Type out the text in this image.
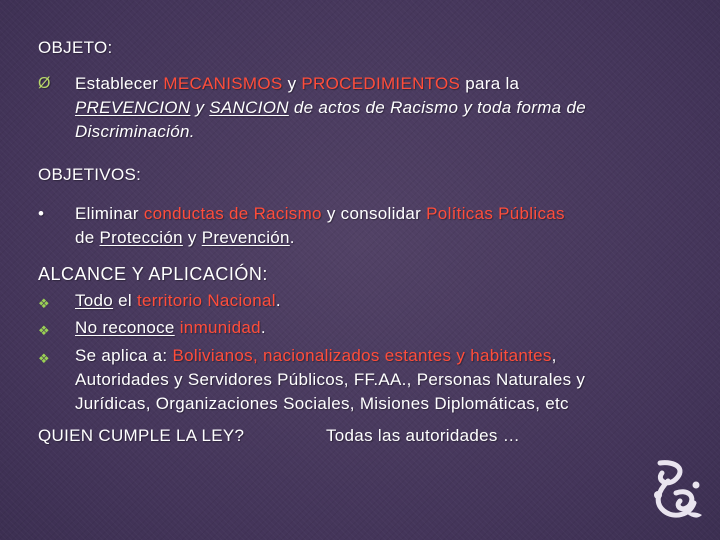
OBJETO:
Ø Establecer MECANISMOS y PROCEDIMIENTOS para la
PREVENCION y SANCION de actos de Racismo y toda forma de
Discriminación.
OBJETIVOS:
• Eliminar conductas de Racismo y consolidar Políticas Públicas
de Protección y Prevención.
ALCANCE Y APLICACIÓN:
❖ Todo el territorio Nacional.
❖ No reconoce inmunidad.
❖ Se aplica a: Bolivianos, nacionalizados estantes y habitantes,
Autoridades y Servidores Públicos, FF.AA., Personas Naturales y
Jurídicas, Organizaciones Sociales, Misiones Diplomáticas, etc
QUIEN CUMPLE LA LEY?	Todas las autoridades …
